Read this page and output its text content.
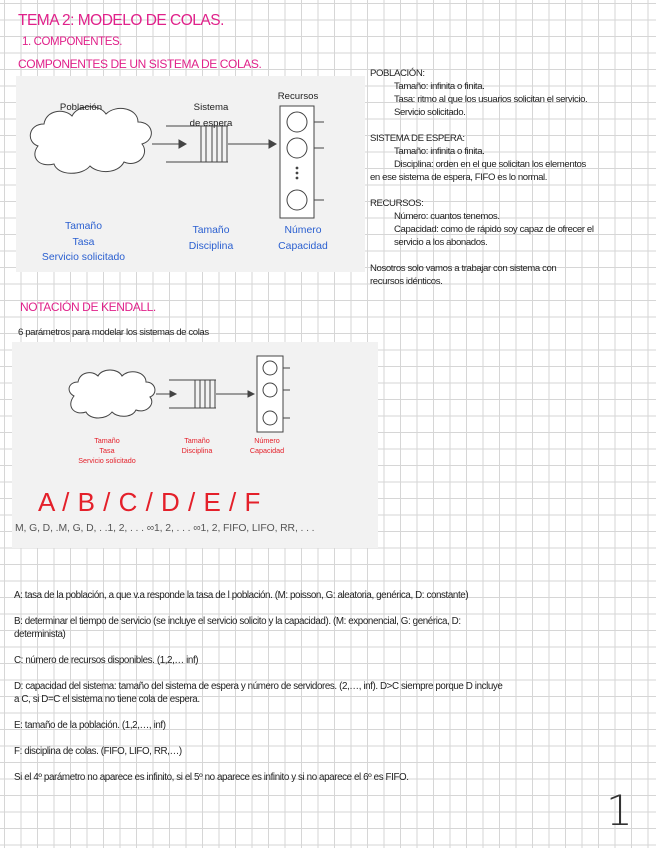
TEMA 2: MODELO DE COLAS.
1. COMPONENTES.
COMPONENTES DE UN SISTEMA DE COLAS.
Población	Sistema
de espera
Recursos
Tamaño
Tasa
Servicio solicitado
Tamaño
Disciplina
Número
Capacidad
POBLACIÓN:
Tamaño: infinita o finita.
Tasa: ritmo al que los usuarios solicitan el servicio.
Servicio solicitado.
SISTEMA DE ESPERA:
Tamaño: infinita o finita.
Disciplina: orden en el que solicitan los elementos
en ese sistema de espera, FIFO es lo normal.
RECURSOS:
Número: cuantos tenemos.
Capacidad: como de rápido soy capaz de ofrecer el
servicio a los abonados.
Nosotros solo vamos a trabajar con sistema con
recursos idénticos.
NOTACIÓN DE KENDALL.
6 parámetros para modelar los sistemas de colas
Tamaño
Tasa
Servicio solicitado
Tamaño
Disciplina
Número
Capacidad
A / B / C / D / E / F
M, G, D, .M, G, D, . .1, 2, . . . ∞1, 2, . . . ∞1, 2, FIFO, LIFO, RR, . . .
A: tasa de la población, a que v.a responde la tasa de l población. (M: poisson, G: aleatoria, genérica, D: constante)
B: determinar el tiempo de servicio (se incluye el servicio solicito y la capacidad). (M: exponencial, G: genérica, D:
determinista)
C: número de recursos disponibles. (1,2,… inf)
D: capacidad del sistema: tamaño del sistema de espera y número de servidores. (2,…, inf). D>C siempre porque D incluye
a C, si D=C el sistema no tiene cola de espera.
E: tamaño de la población. (1,2,…, inf)
F: disciplina de colas. (FIFO, LIFO, RR,…)
Si el 4º parámetro no aparece es infinito, si el 5º no aparece es infinito y si no aparece el 6º es FIFO.
1
